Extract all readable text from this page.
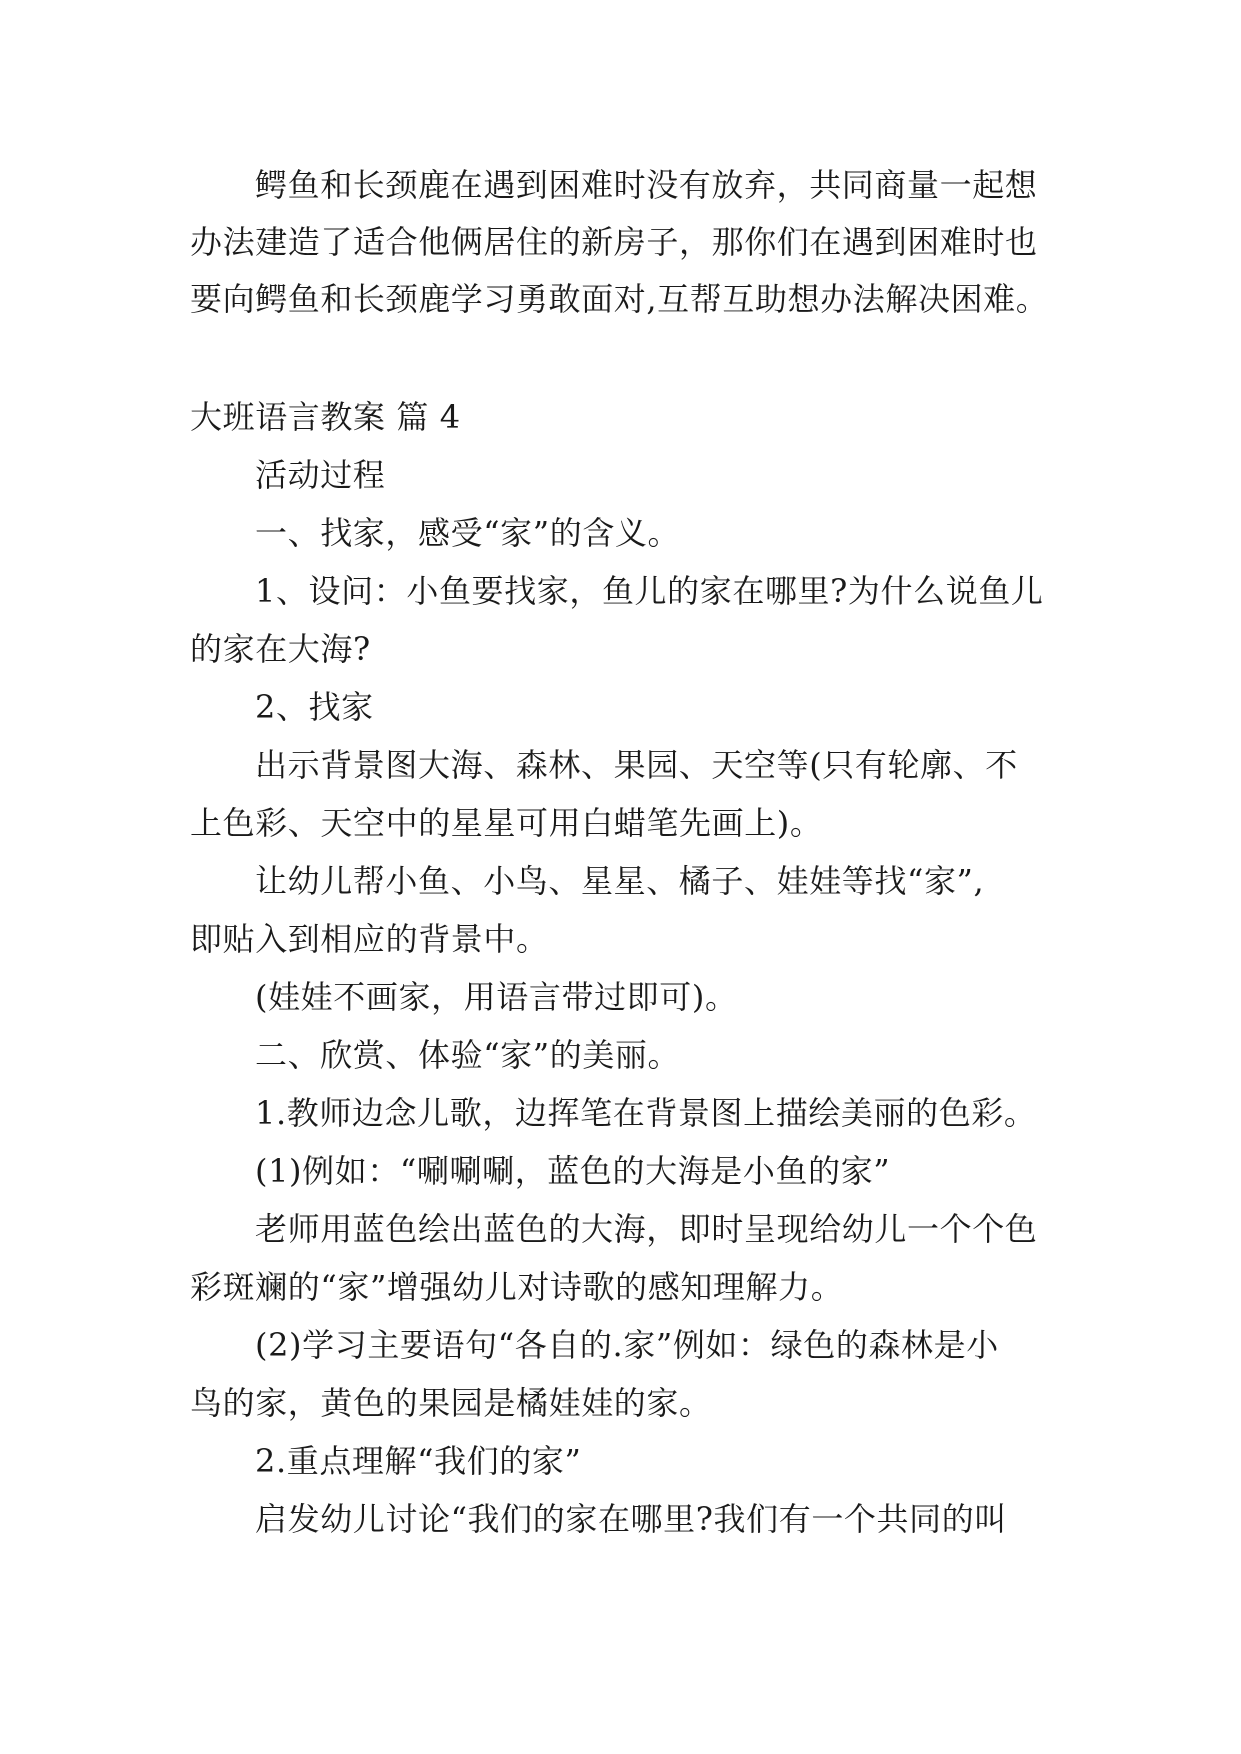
鳄鱼和长颈鹿在遇到困难时没有放弃，共同商量一起想
办法建造了适合他俩居住的新房子，那你们在遇到困难时也
要向鳄鱼和长颈鹿学习勇敢面对,互帮互助想办法解决困难。
大班语言教案 篇 4
活动过程
一、找家，感受“家”的含义。
1、设问：小鱼要找家，鱼儿的家在哪里?为什么说鱼儿
的家在大海?
2、找家
出示背景图大海、森林、果园、天空等(只有轮廓、不
上色彩、天空中的星星可用白蜡笔先画上)。
让幼儿帮小鱼、小鸟、星星、橘子、娃娃等找“家”,
即贴入到相应的背景中。
(娃娃不画家，用语言带过即可)。
二、欣赏、体验“家”的美丽。
1.教师边念儿歌，边挥笔在背景图上描绘美丽的色彩。
(1)例如：“唰唰唰，蓝色的大海是小鱼的家”
老师用蓝色绘出蓝色的大海，即时呈现给幼儿一个个色
彩斑斓的“家”增强幼儿对诗歌的感知理解力。
(2)学习主要语句“各自的.家”例如：绿色的森林是小
鸟的家，黄色的果园是橘娃娃的家。
2.重点理解“我们的家”
启发幼儿讨论“我们的家在哪里?我们有一个共同的叫
